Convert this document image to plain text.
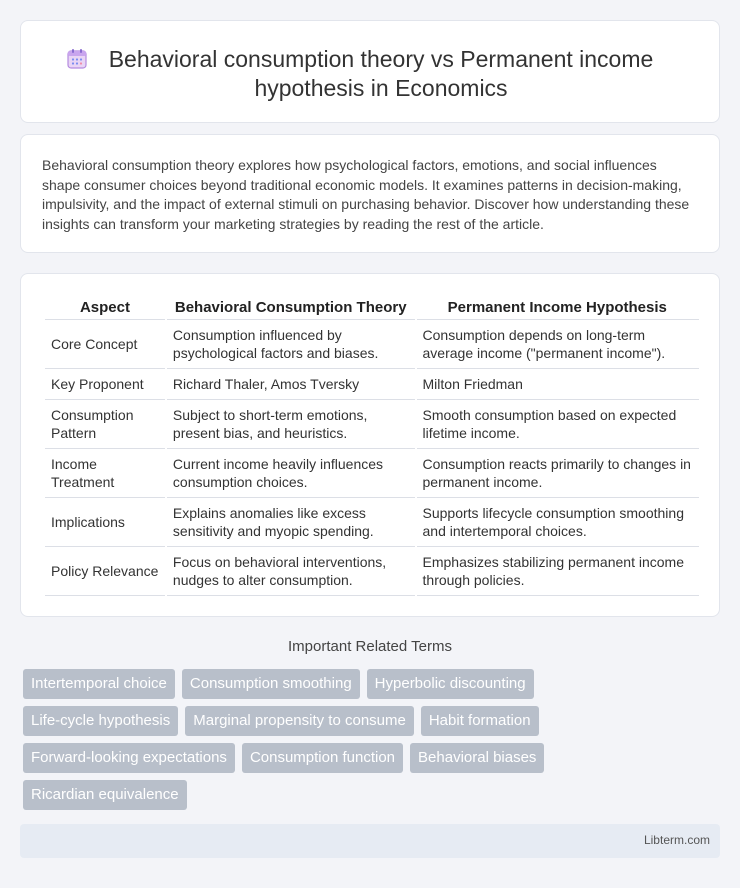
Behavioral consumption theory vs Permanent income hypothesis in Economics

Behavioral consumption theory explores how psychological factors, emotions, and social influences shape consumer choices beyond traditional economic models. It examines patterns in decision-making, impulsivity, and the impact of external stimuli on purchasing behavior. Discover how understanding these insights can transform your marketing strategies by reading the rest of the article.

Aspect	Behavioral Consumption Theory	Permanent Income Hypothesis
Core Concept	Consumption influenced by psychological factors and biases.	Consumption depends on long-term average income ("permanent income").
Key Proponent	Richard Thaler, Amos Tversky	Milton Friedman
Consumption Pattern	Subject to short-term emotions, present bias, and heuristics.	Smooth consumption based on expected lifetime income.
Income Treatment	Current income heavily influences consumption choices.	Consumption reacts primarily to changes in permanent income.
Implications	Explains anomalies like excess sensitivity and myopic spending.	Supports lifecycle consumption smoothing and intertemporal choices.
Policy Relevance	Focus on behavioral interventions, nudges to alter consumption.	Emphasizes stabilizing permanent income through policies.
Important Related Terms
Intertemporal choice	Consumption smoothing	Hyperbolic discounting
Life-cycle hypothesis	Marginal propensity to consume	Habit formation
Forward-looking expectations	Consumption function	Behavioral biases
Ricardian equivalence
Libterm.com
